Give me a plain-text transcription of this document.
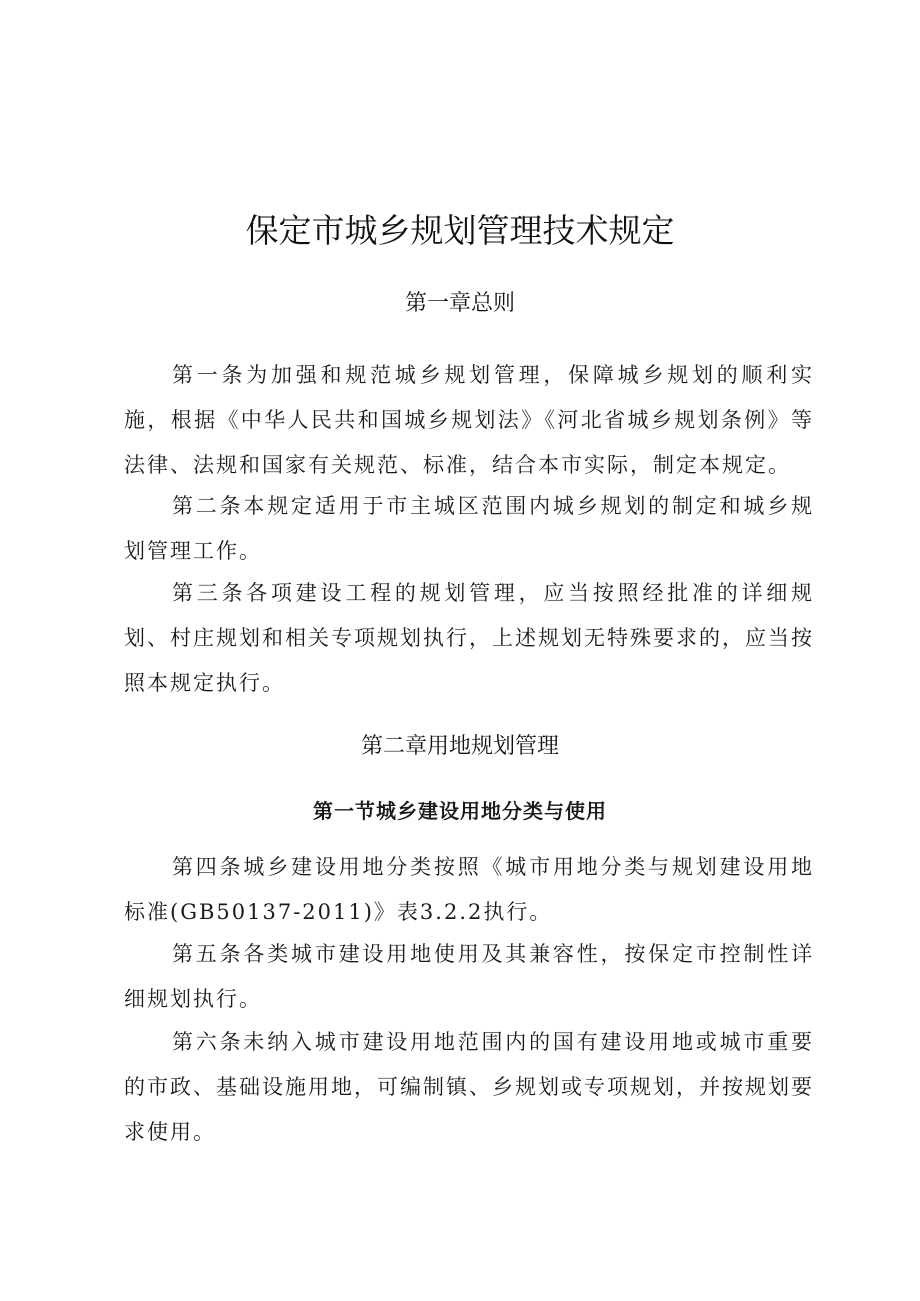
保定市城乡规划管理技术规定
第一章总则

第一条为加强和规范城乡规划管理，保障城乡规划的顺利实施，根据《中华人民共和国城乡规划法》《河北省城乡规划条例》等法律、法规和国家有关规范、标准，结合本市实际，制定本规定。

第二条本规定适用于市主城区范围内城乡规划的制定和城乡规划管理工作。

第三条各项建设工程的规划管理，应当按照经批准的详细规划、村庄规划和相关专项规划执行，上述规划无特殊要求的，应当按照本规定执行。

第二章用地规划管理
第一节城乡建设用地分类与使用

第四条城乡建设用地分类按照《城市用地分类与规划建设用地标准(GB50137-2011)》表3.2.2执行。

第五条各类城市建设用地使用及其兼容性，按保定市控制性详细规划执行。

第六条未纳入城市建设用地范围内的国有建设用地或城市重要的市政、基础设施用地，可编制镇、乡规划或专项规划，并按规划要求使用。
